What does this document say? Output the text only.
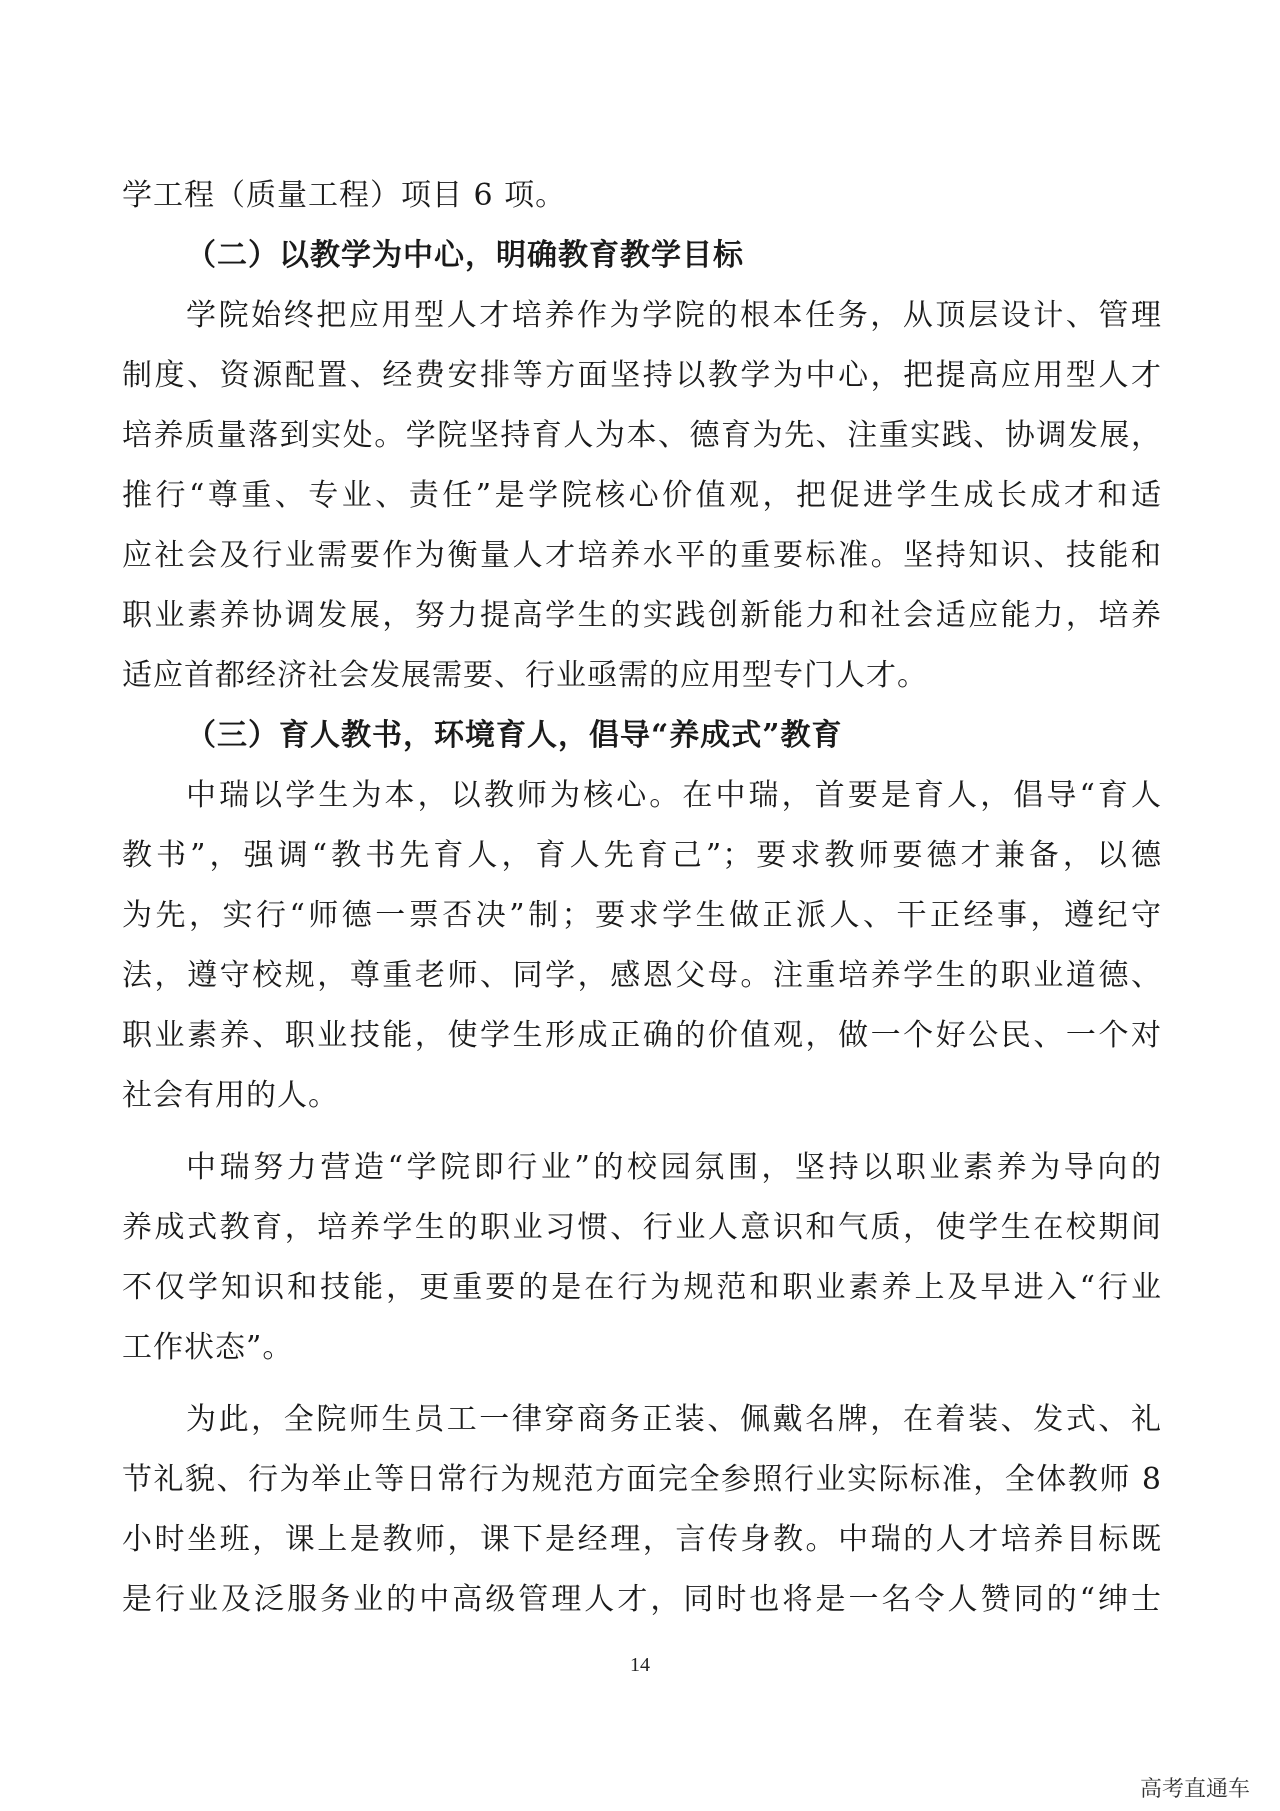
学工程（质量工程）项目 6 项。
（二）以教学为中心，明确教育教学目标
学院始终把应用型人才培养作为学院的根本任务，从顶层设计、管理
制度、资源配置、经费安排等方面坚持以教学为中心，把提高应用型人才
培养质量落到实处。学院坚持育人为本、德育为先、注重实践、协调发展，
推行“尊重、专业、责任”是学院核心价值观，把促进学生成长成才和适
应社会及行业需要作为衡量人才培养水平的重要标准。坚持知识、技能和
职业素养协调发展，努力提高学生的实践创新能力和社会适应能力，培养
适应首都经济社会发展需要、行业亟需的应用型专门人才。
（三）育人教书，环境育人，倡导“养成式”教育
中瑞以学生为本，以教师为核心。在中瑞，首要是育人，倡导“育人
教书”，强调“教书先育人，育人先育己”；要求教师要德才兼备，以德
为先，实行“师德一票否决”制；要求学生做正派人、干正经事，遵纪守
法，遵守校规，尊重老师、同学，感恩父母。注重培养学生的职业道德、
职业素养、职业技能，使学生形成正确的价值观，做一个好公民、一个对
社会有用的人。
中瑞努力营造“学院即行业”的校园氛围，坚持以职业素养为导向的
养成式教育，培养学生的职业习惯、行业人意识和气质，使学生在校期间
不仅学知识和技能，更重要的是在行为规范和职业素养上及早进入“行业
工作状态”。
为此，全院师生员工一律穿商务正装、佩戴名牌，在着装、发式、礼
节礼貌、行为举止等日常行为规范方面完全参照行业实际标准，全体教师 8
小时坐班，课上是教师，课下是经理，言传身教。中瑞的人才培养目标既
是行业及泛服务业的中高级管理人才，同时也将是一名令人赞同的“绅士
14
高考直通车
